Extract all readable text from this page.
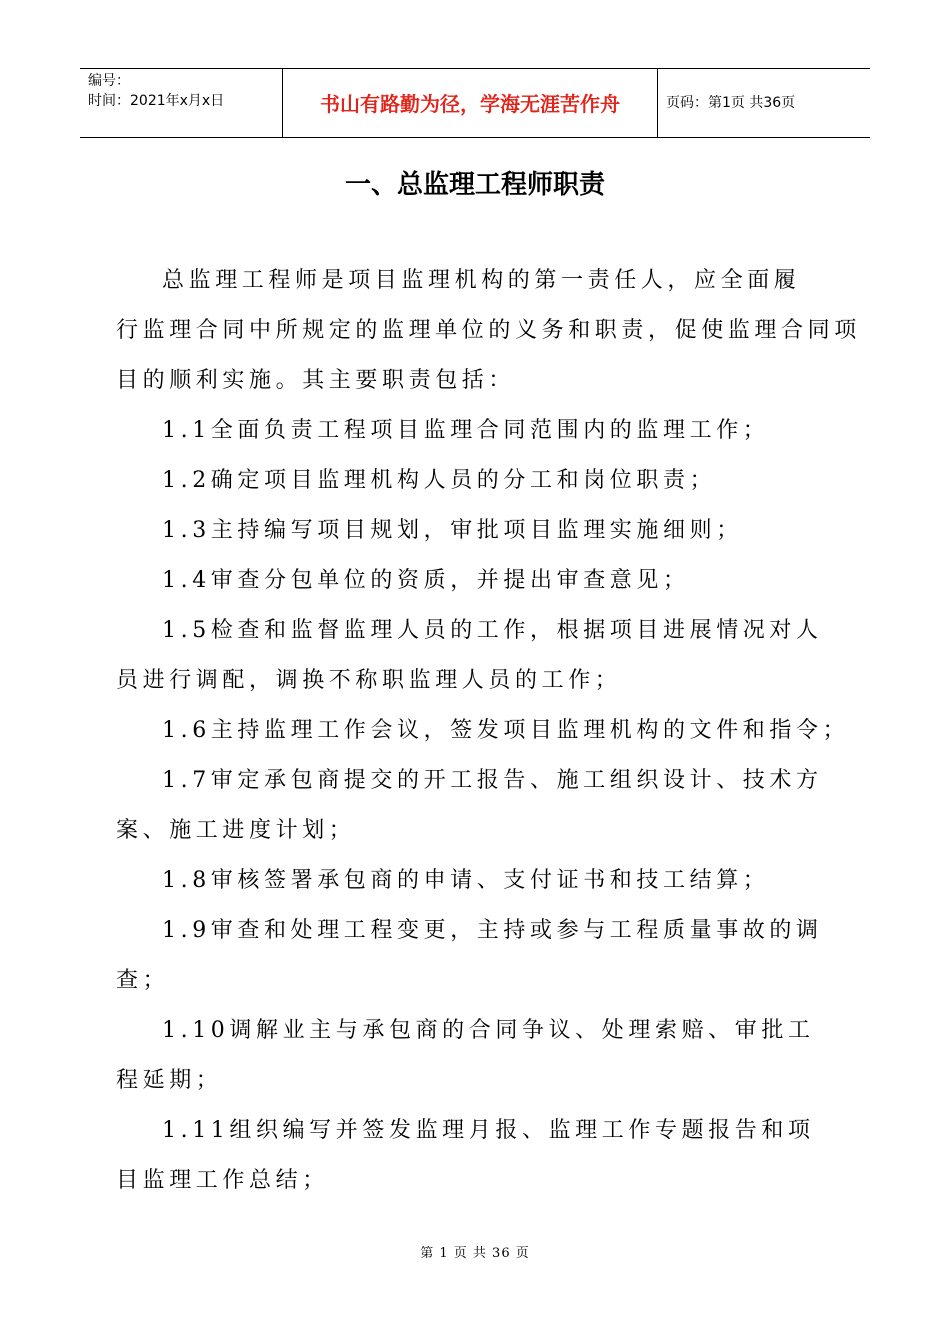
编号：
时间：2021年x月x日	书山有路勤为径，学海无涯苦作舟	页码：第1页 共36页
一、总监理工程师职责
总监理工程师是项目监理机构的第一责任人，应全面履
行监理合同中所规定的监理单位的义务和职责，促使监理合同项
目的顺利实施。其主要职责包括：
1.1全面负责工程项目监理合同范围内的监理工作；
1.2确定项目监理机构人员的分工和岗位职责；
1.3主持编写项目规划，审批项目监理实施细则；
1.4审查分包单位的资质，并提出审查意见；
1.5检查和监督监理人员的工作，根据项目进展情况对人
员进行调配，调换不称职监理人员的工作；
1.6主持监理工作会议，签发项目监理机构的文件和指令；
1.7审定承包商提交的开工报告、施工组织设计、技术方
案、施工进度计划；
1.8审核签署承包商的申请、支付证书和技工结算；
1.9审查和处理工程变更，主持或参与工程质量事故的调
查；
1.10调解业主与承包商的合同争议、处理索赔、审批工
程延期；
1.11组织编写并签发监理月报、监理工作专题报告和项
目监理工作总结；
第 1 页 共 36 页
